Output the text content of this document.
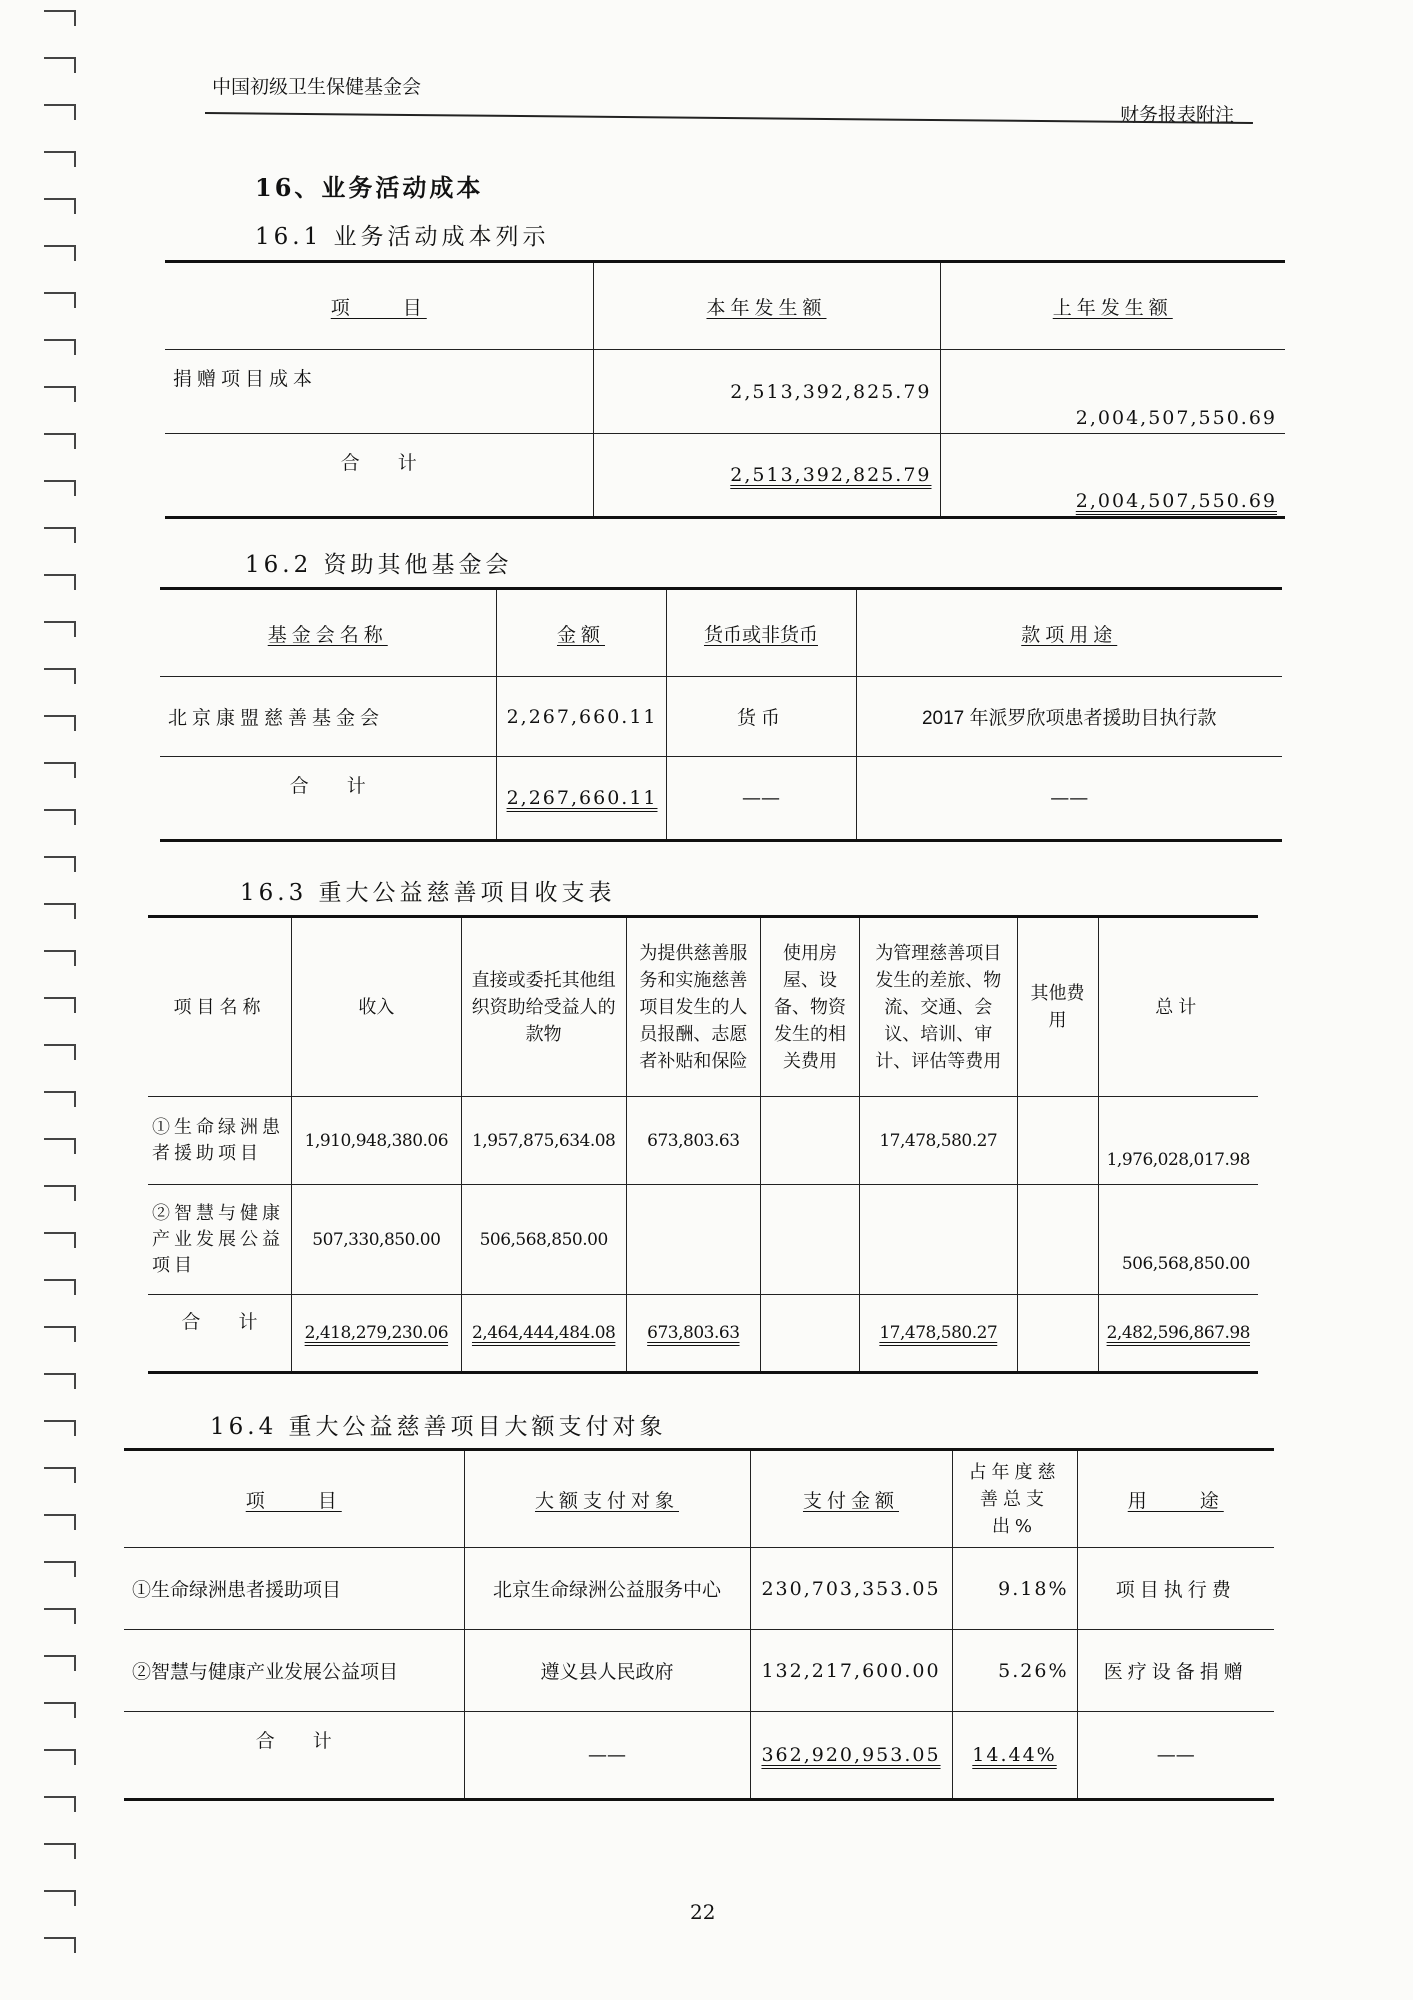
中国初级卫生保健基金会
财务报表附注
16、业务活动成本
16.1 业务活动成本列示
项　　目	本年发生额	上年发生额
捐赠项目成本	2,513,392,825.79	2,004,507,550.69
合　　计	2,513,392,825.79	2,004,507,550.69
16.2 资助其他基金会
基金会名称	金额	货币或非货币	款项用途
北京康盟慈善基金会	2,267,660.11	货币	2017 年派罗欣项患者援助目执行款
合　　计	2,267,660.11	——	——
16.3 重大公益慈善项目收支表
项目名称	收入	直接或委托其他组织资助给受益人的款物	为提供慈善服务和实施慈善项目发生的人员报酬、志愿者补贴和保险	使用房屋、设备、物资发生的相关费用	为管理慈善项目发生的差旅、物流、交通、会议、培训、审计、评估等费用	其他费用	总计
①生命绿洲患者援助项目	1,910,948,380.06	1,957,875,634.08	673,803.63		17,478,580.27		1,976,028,017.98
②智慧与健康产业发展公益项目	507,330,850.00	506,568,850.00					506,568,850.00
合　　计	2,418,279,230.06	2,464,444,484.08	673,803.63		17,478,580.27		2,482,596,867.98
16.4 重大公益慈善项目大额支付对象
项　　目	大额支付对象	支付金额	占年度慈善总支出%	用　　途
①生命绿洲患者援助项目	北京生命绿洲公益服务中心	230,703,353.05	9.18%	项目执行费
②智慧与健康产业发展公益项目	遵义县人民政府	132,217,600.00	5.26%	医疗设备捐赠
合　　计	——	362,920,953.05	14.44%	——
22
